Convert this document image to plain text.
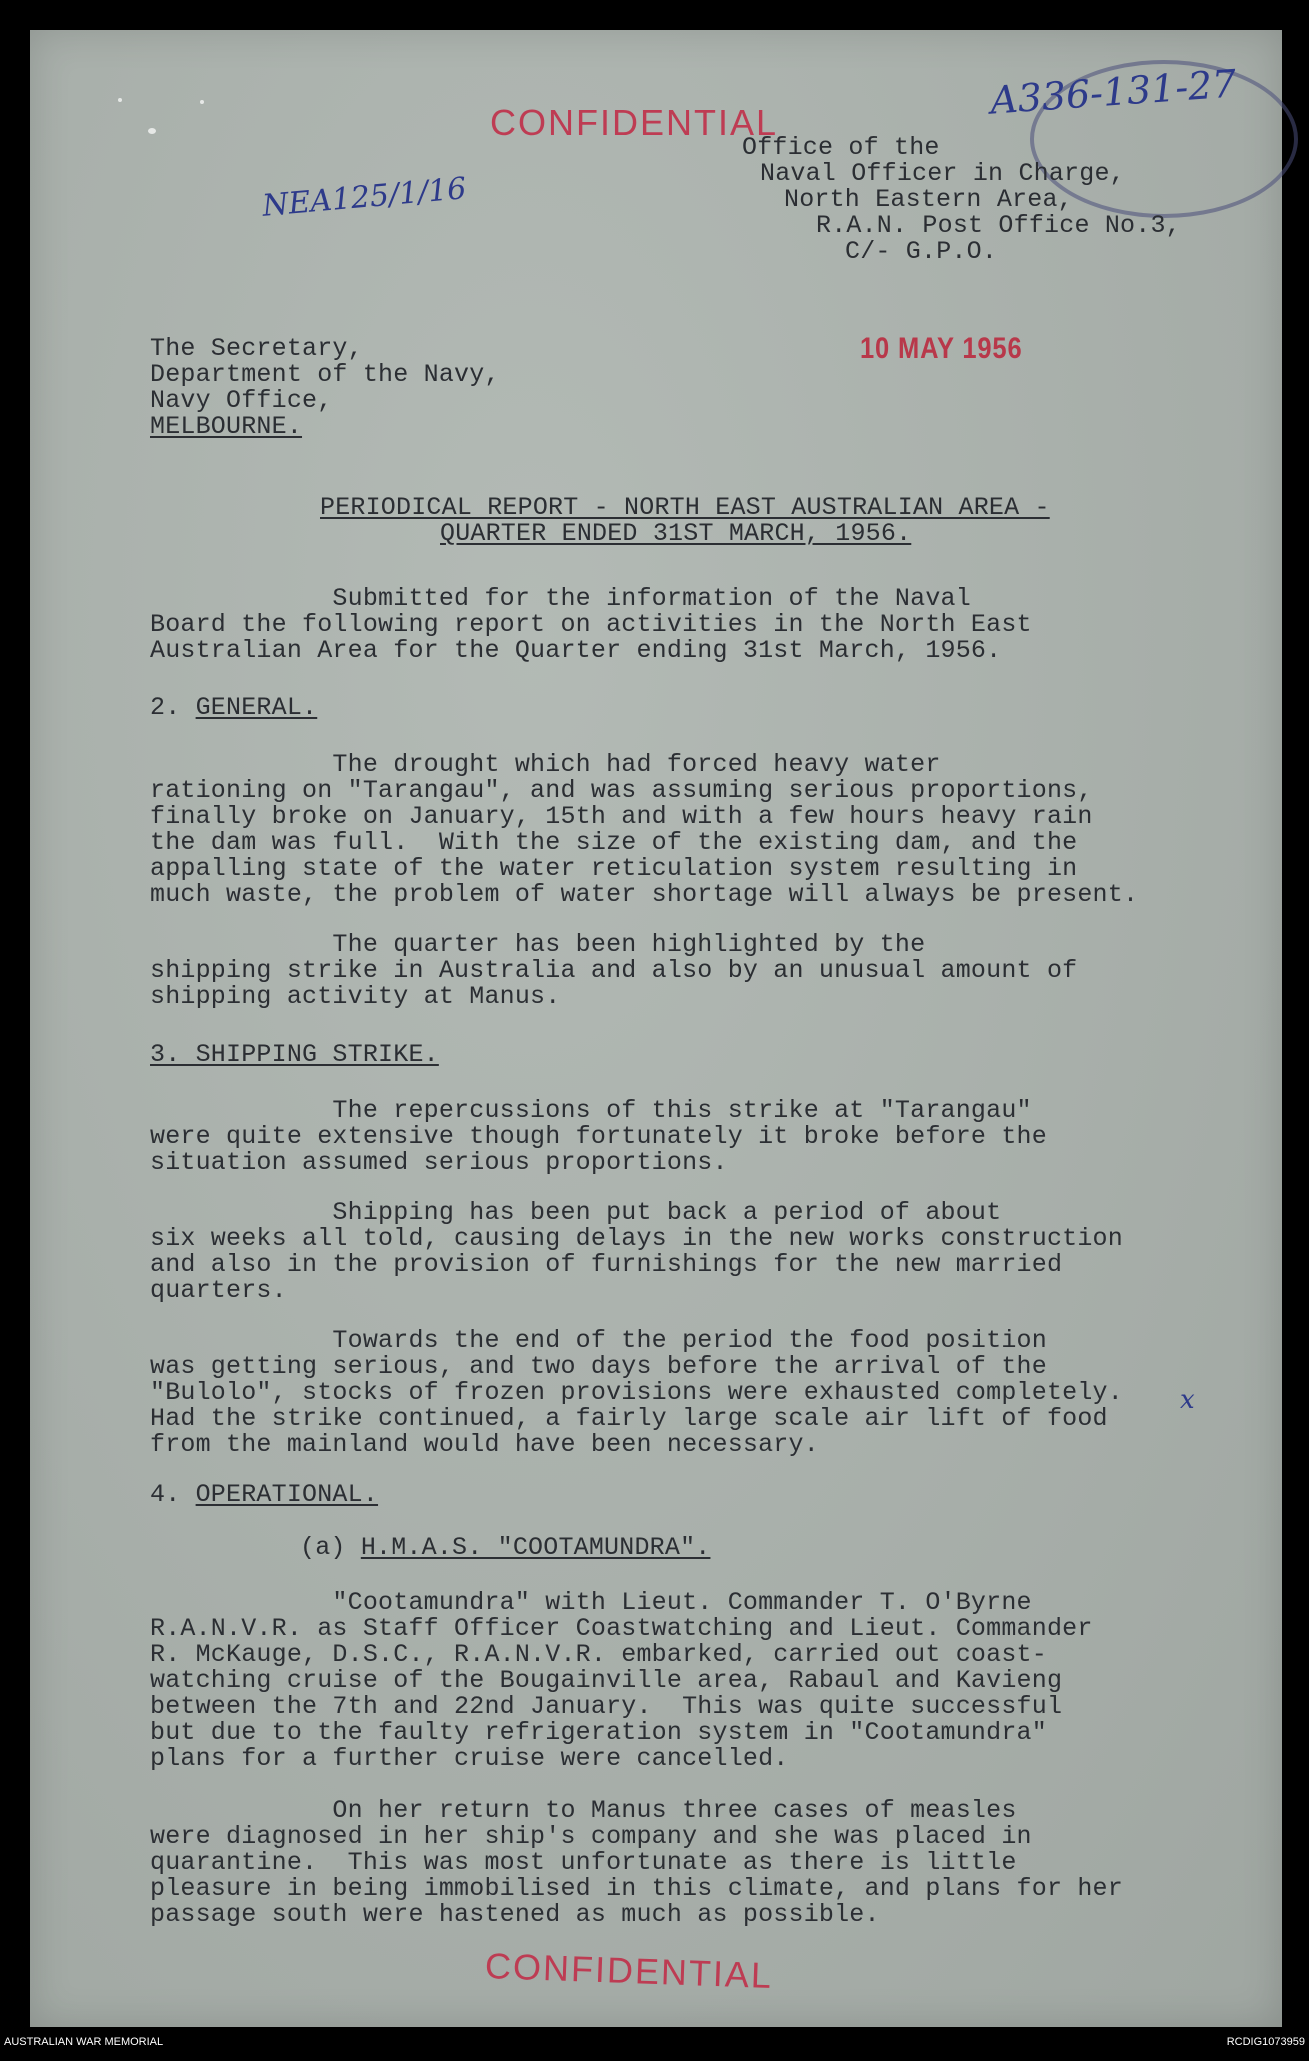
A336-131-27
CONFIDENTIAL
NEA125/1/16
Office of the
Naval Officer in Charge,
North Eastern Area,
R.A.N. Post Office No.3,
C/- G.P.O.
10 MAY 1956
The Secretary,
Department of the Navy,
Navy Office,
MELBOURNE.
PERIODICAL REPORT - NORTH EAST AUSTRALIAN AREA -
QUARTER ENDED 31ST MARCH, 1956.
Submitted for the information of the Naval
Board the following report on activities in the North East
Australian Area for the Quarter ending 31st March, 1956.
2. GENERAL.
The drought which had forced heavy water
rationing on "Tarangau", and was assuming serious proportions,
finally broke on January, 15th and with a few hours heavy rain
the dam was full.  With the size of the existing dam, and the
appalling state of the water reticulation system resulting in
much waste, the problem of water shortage will always be present.
The quarter has been highlighted by the
shipping strike in Australia and also by an unusual amount of
shipping activity at Manus.
3. SHIPPING STRIKE.
The repercussions of this strike at "Tarangau"
were quite extensive though fortunately it broke before the
situation assumed serious proportions.
Shipping has been put back a period of about
six weeks all told, causing delays in the new works construction
and also in the provision of furnishings for the new married
quarters.
Towards the end of the period the food position
was getting serious, and two days before the arrival of the
"Bulolo", stocks of frozen provisions were exhausted completely.
Had the strike continued, a fairly large scale air lift of food
from the mainland would have been necessary.
x
4. OPERATIONAL.
(a) H.M.A.S. "COOTAMUNDRA".
"Cootamundra" with Lieut. Commander T. O'Byrne
R.A.N.V.R. as Staff Officer Coastwatching and Lieut. Commander
R. McKauge, D.S.C., R.A.N.V.R. embarked, carried out coast-
watching cruise of the Bougainville area, Rabaul and Kavieng
between the 7th and 22nd January.  This was quite successful
but due to the faulty refrigeration system in "Cootamundra"
plans for a further cruise were cancelled.
On her return to Manus three cases of measles
were diagnosed in her ship's company and she was placed in
quarantine.  This was most unfortunate as there is little
pleasure in being immobilised in this climate, and plans for her
passage south were hastened as much as possible.
CONFIDENTIAL
AUSTRALIAN WAR MEMORIAL	RCDIG1073959
